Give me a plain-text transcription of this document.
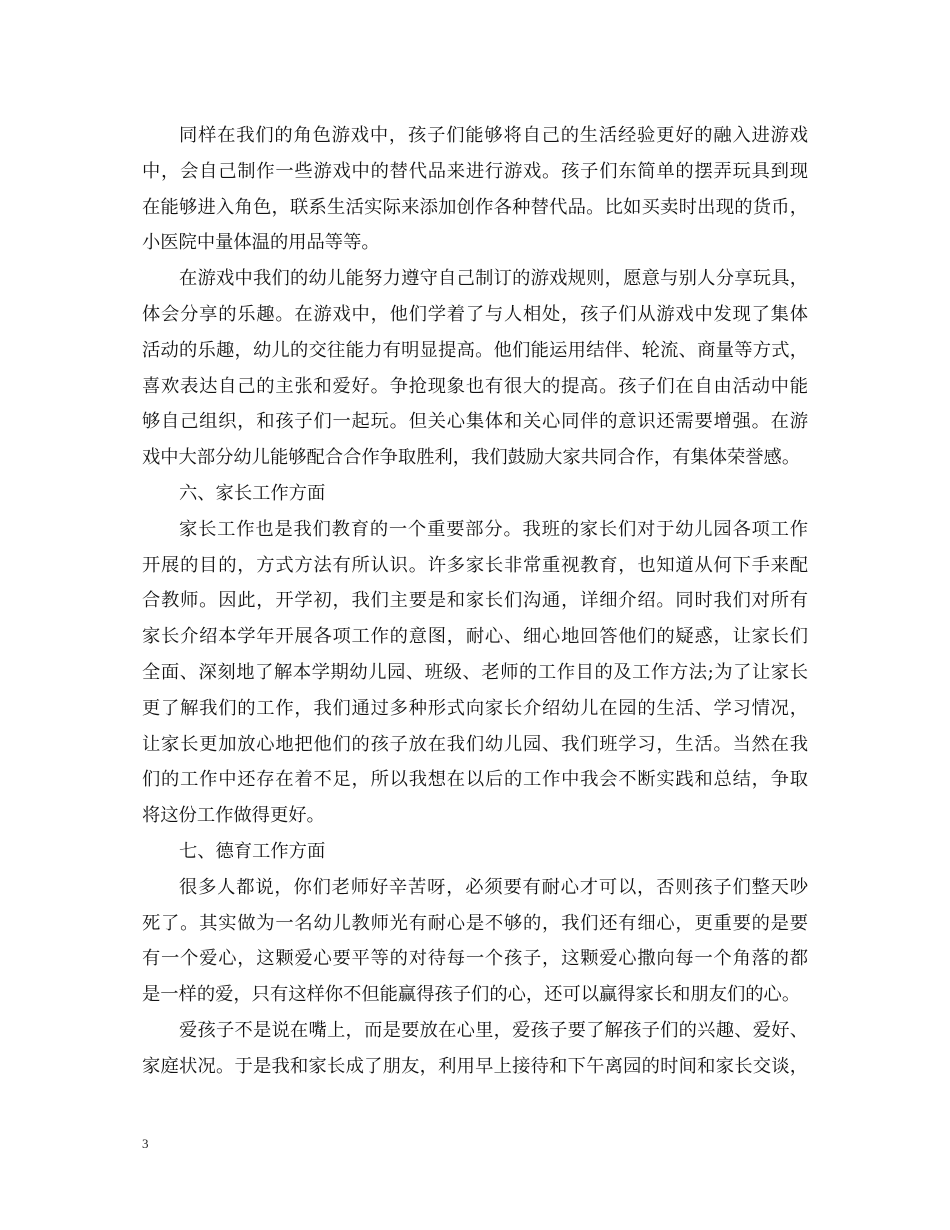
同样在我们的角色游戏中，孩子们能够将自己的生活经验更好的融入进游戏
中，会自己制作一些游戏中的替代品来进行游戏。孩子们东简单的摆弄玩具到现
在能够进入角色，联系生活实际来添加创作各种替代品。比如买卖时出现的货币，
小医院中量体温的用品等等。
在游戏中我们的幼儿能努力遵守自己制订的游戏规则，愿意与别人分享玩具，
体会分享的乐趣。在游戏中，他们学着了与人相处，孩子们从游戏中发现了集体
活动的乐趣，幼儿的交往能力有明显提高。他们能运用结伴、轮流、商量等方式，
喜欢表达自己的主张和爱好。争抢现象也有很大的提高。孩子们在自由活动中能
够自己组织，和孩子们一起玩。但关心集体和关心同伴的意识还需要增强。在游
戏中大部分幼儿能够配合合作争取胜利，我们鼓励大家共同合作，有集体荣誉感。
六、家长工作方面
家长工作也是我们教育的一个重要部分。我班的家长们对于幼儿园各项工作
开展的目的，方式方法有所认识。许多家长非常重视教育，也知道从何下手来配
合教师。因此，开学初，我们主要是和家长们沟通，详细介绍。同时我们对所有
家长介绍本学年开展各项工作的意图，耐心、细心地回答他们的疑惑，让家长们
全面、深刻地了解本学期幼儿园、班级、老师的工作目的及工作方法;为了让家长
更了解我们的工作，我们通过多种形式向家长介绍幼儿在园的生活、学习情况，
让家长更加放心地把他们的孩子放在我们幼儿园、我们班学习，生活。当然在我
们的工作中还存在着不足，所以我想在以后的工作中我会不断实践和总结，争取
将这份工作做得更好。
七、德育工作方面
很多人都说，你们老师好辛苦呀，必须要有耐心才可以，否则孩子们整天吵
死了。其实做为一名幼儿教师光有耐心是不够的，我们还有细心，更重要的是要
有一个爱心，这颗爱心要平等的对待每一个孩子，这颗爱心撒向每一个角落的都
是一样的爱，只有这样你不但能赢得孩子们的心，还可以赢得家长和朋友们的心。
爱孩子不是说在嘴上，而是要放在心里，爱孩子要了解孩子们的兴趣、爱好、
家庭状况。于是我和家长成了朋友，利用早上接待和下午离园的时间和家长交谈，
3
